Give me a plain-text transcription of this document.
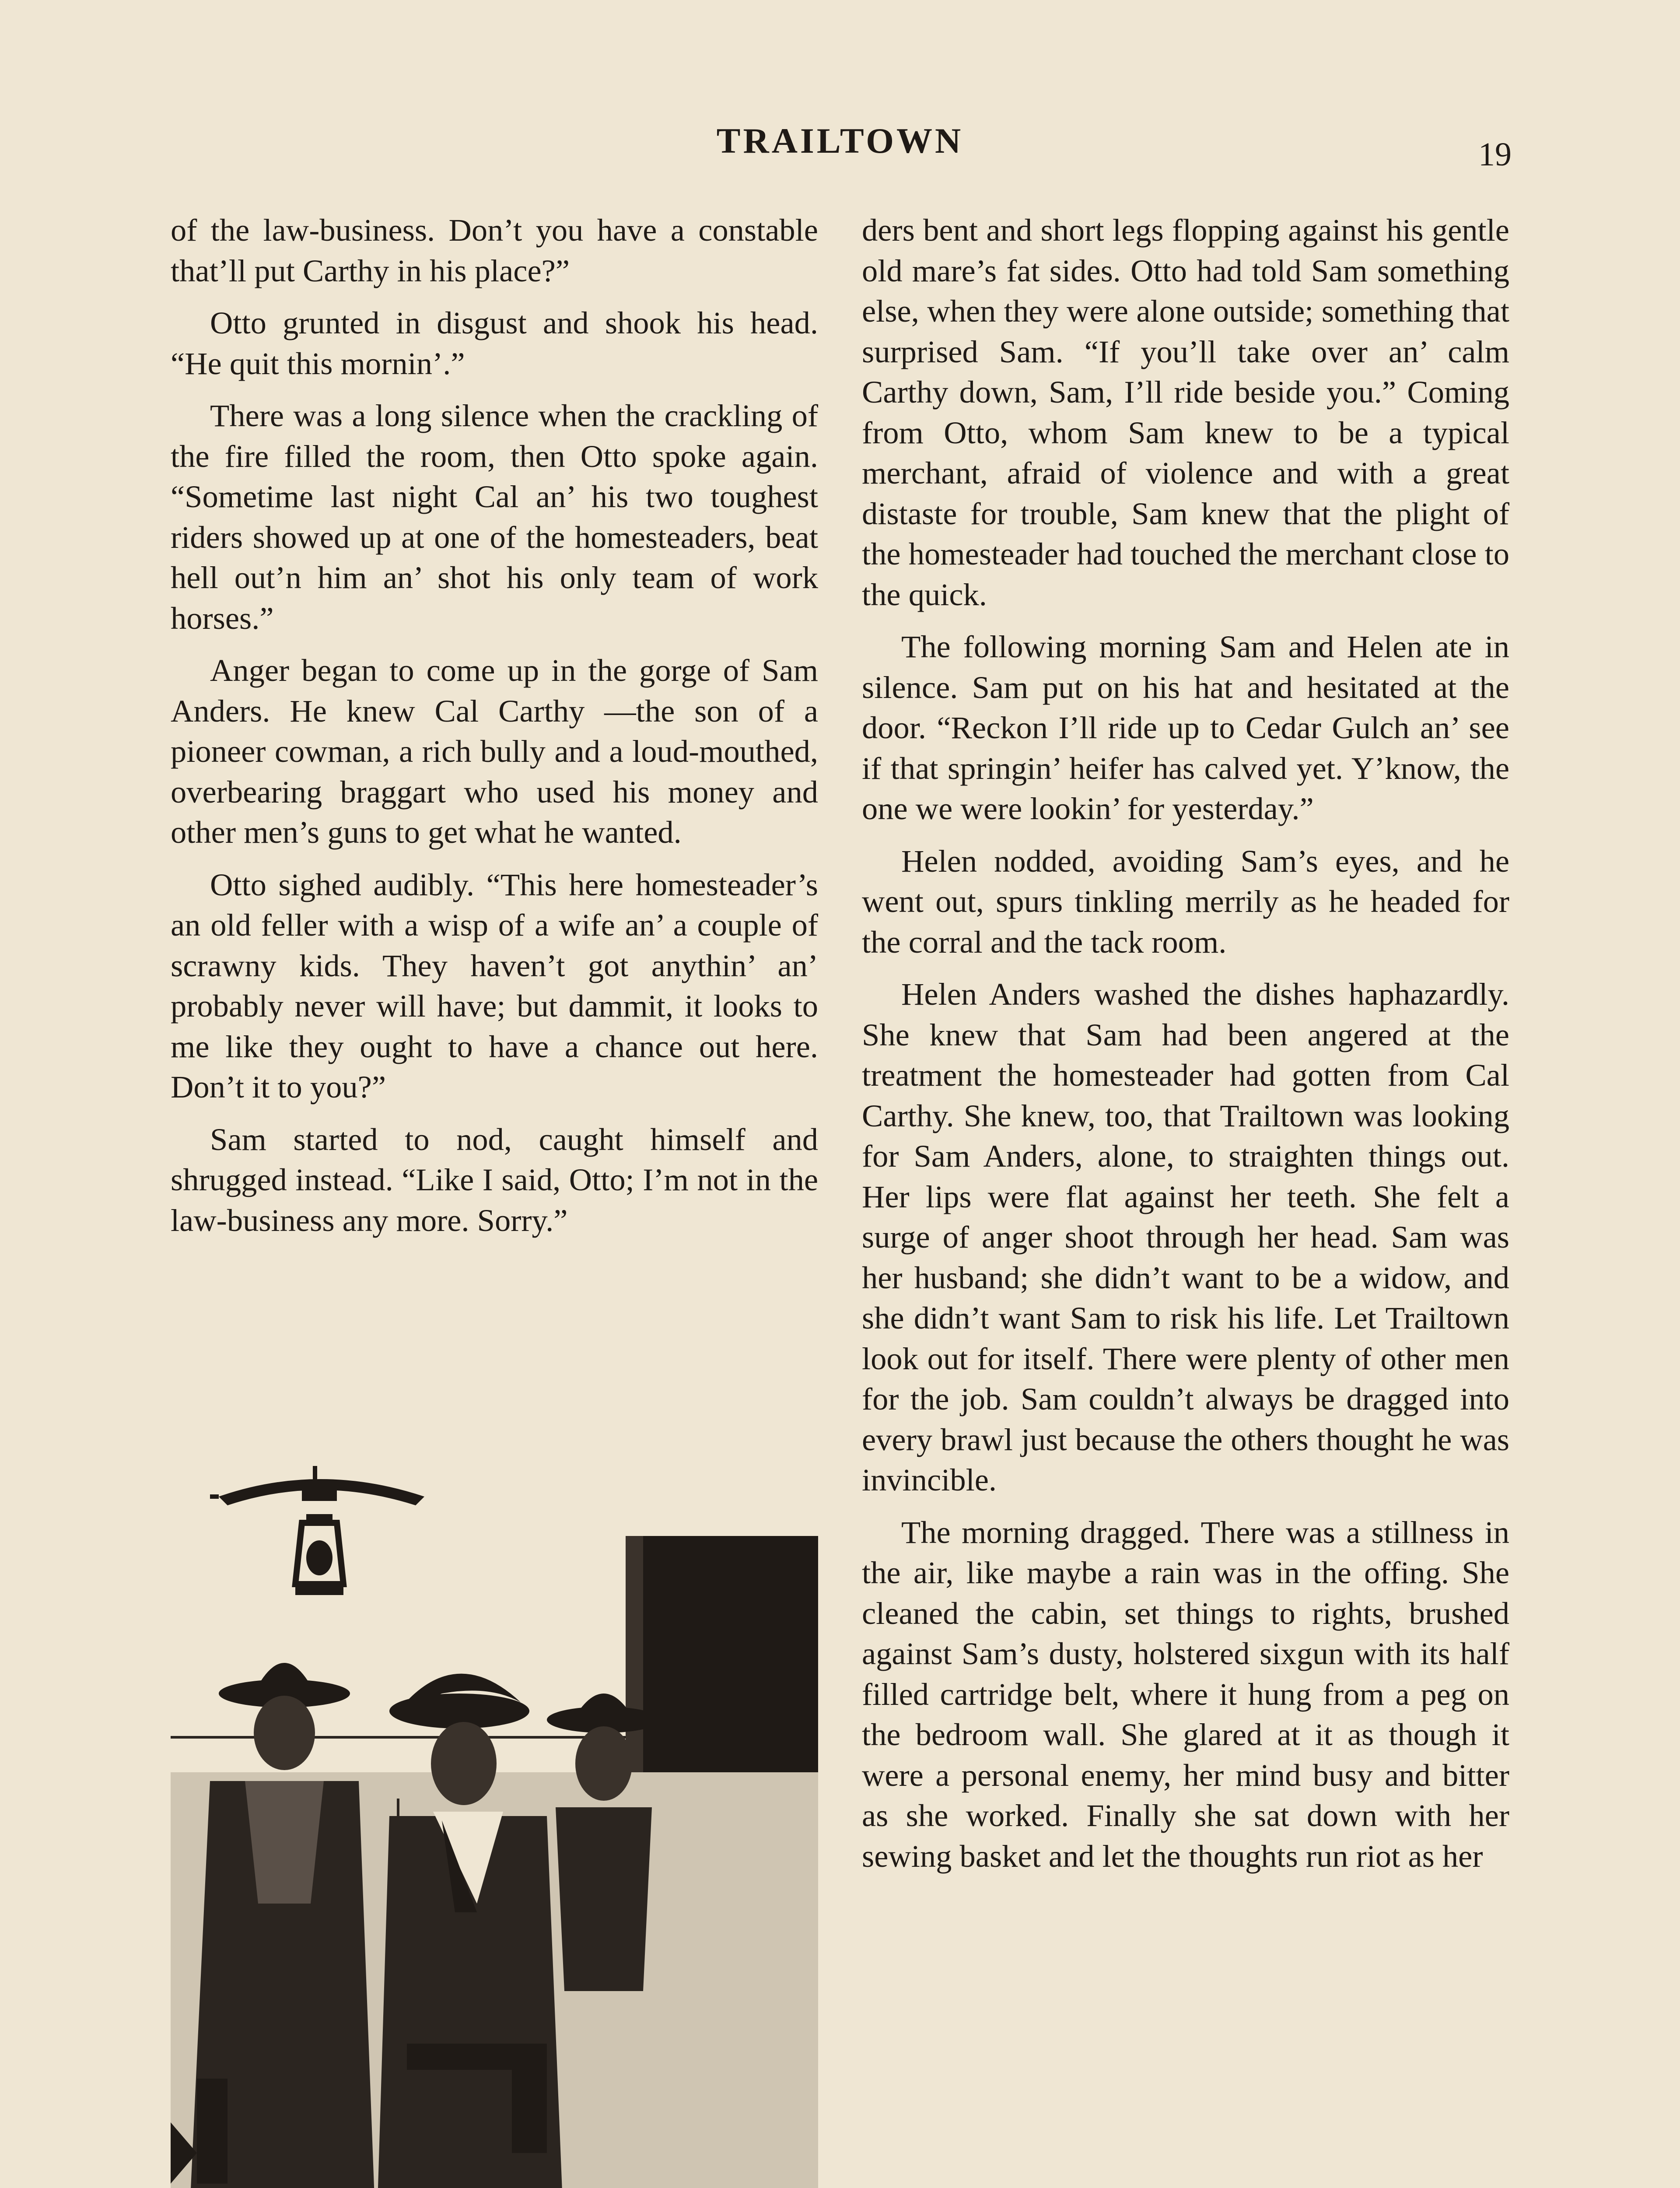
TRAILTOWN	19

of the law-business. Don’t you have a constable that’ll put Carthy in his place?”

Otto grunted in disgust and shook his head. “He quit this mornin’.”

There was a long silence when the crackling of the fire filled the room, then Otto spoke again. “Sometime last night Cal an’ his two toughest riders showed up at one of the homesteaders, beat hell out’n him an’ shot his only team of work horses.”

Anger began to come up in the gorge of Sam Anders. He knew Cal Carthy —the son of a pioneer cowman, a rich bully and a loud-mouthed, overbearing braggart who used his money and other men’s guns to get what he wanted.

Otto sighed audibly. “This here homesteader’s an old feller with a wisp of a wife an’ a couple of scrawny kids. They haven’t got anythin’ an’ probably never will have; but dammit, it looks to me like they ought to have a chance out here. Don’t it to you?”

Sam started to nod, caught himself and shrugged instead. “Like I said, Otto; I’m not in the law-business any more. Sorry.”

ders bent and short legs flopping against his gentle old mare’s fat sides. Otto had told Sam something else, when they were alone outside; something that surprised Sam. “If you’ll take over an’ calm Carthy down, Sam, I’ll ride beside you.” Coming from Otto, whom Sam knew to be a typical merchant, afraid of violence and with a great distaste for trouble, Sam knew that the plight of the homesteader had touched the merchant close to the quick.

The following morning Sam and Helen ate in silence. Sam put on his hat and hesitated at the door. “Reckon I’ll ride up to Cedar Gulch an’ see if that springin’ heifer has calved yet. Y’know, the one we were lookin’ for yesterday.”

Helen nodded, avoiding Sam’s eyes, and he went out, spurs tinkling merrily as he headed for the corral and the tack room.

Helen Anders washed the dishes haphazardly. She knew that Sam had been angered at the treatment the homesteader had gotten from Cal Carthy. She knew, too, that Trailtown was looking for Sam Anders, alone, to straighten things out. Her lips were flat against her teeth. She felt a surge of anger shoot through her head. Sam was her husband; she didn’t want to be a widow, and she didn’t want Sam to risk his life. Let Trailtown look out for itself. There were plenty of other men for the job. Sam couldn’t always be dragged into every brawl just because the others thought he was invincible.

The morning dragged. There was a stillness in the air, like maybe a rain was in the offing. She cleaned the cabin, set things to rights, brushed against Sam’s dusty, holstered sixgun with its half filled cartridge belt, where it hung from a peg on the bedroom wall. She glared at it as though it were a personal enemy, her mind busy and bitter as she worked. Finally she sat down with her sewing basket and let the thoughts run riot as her
